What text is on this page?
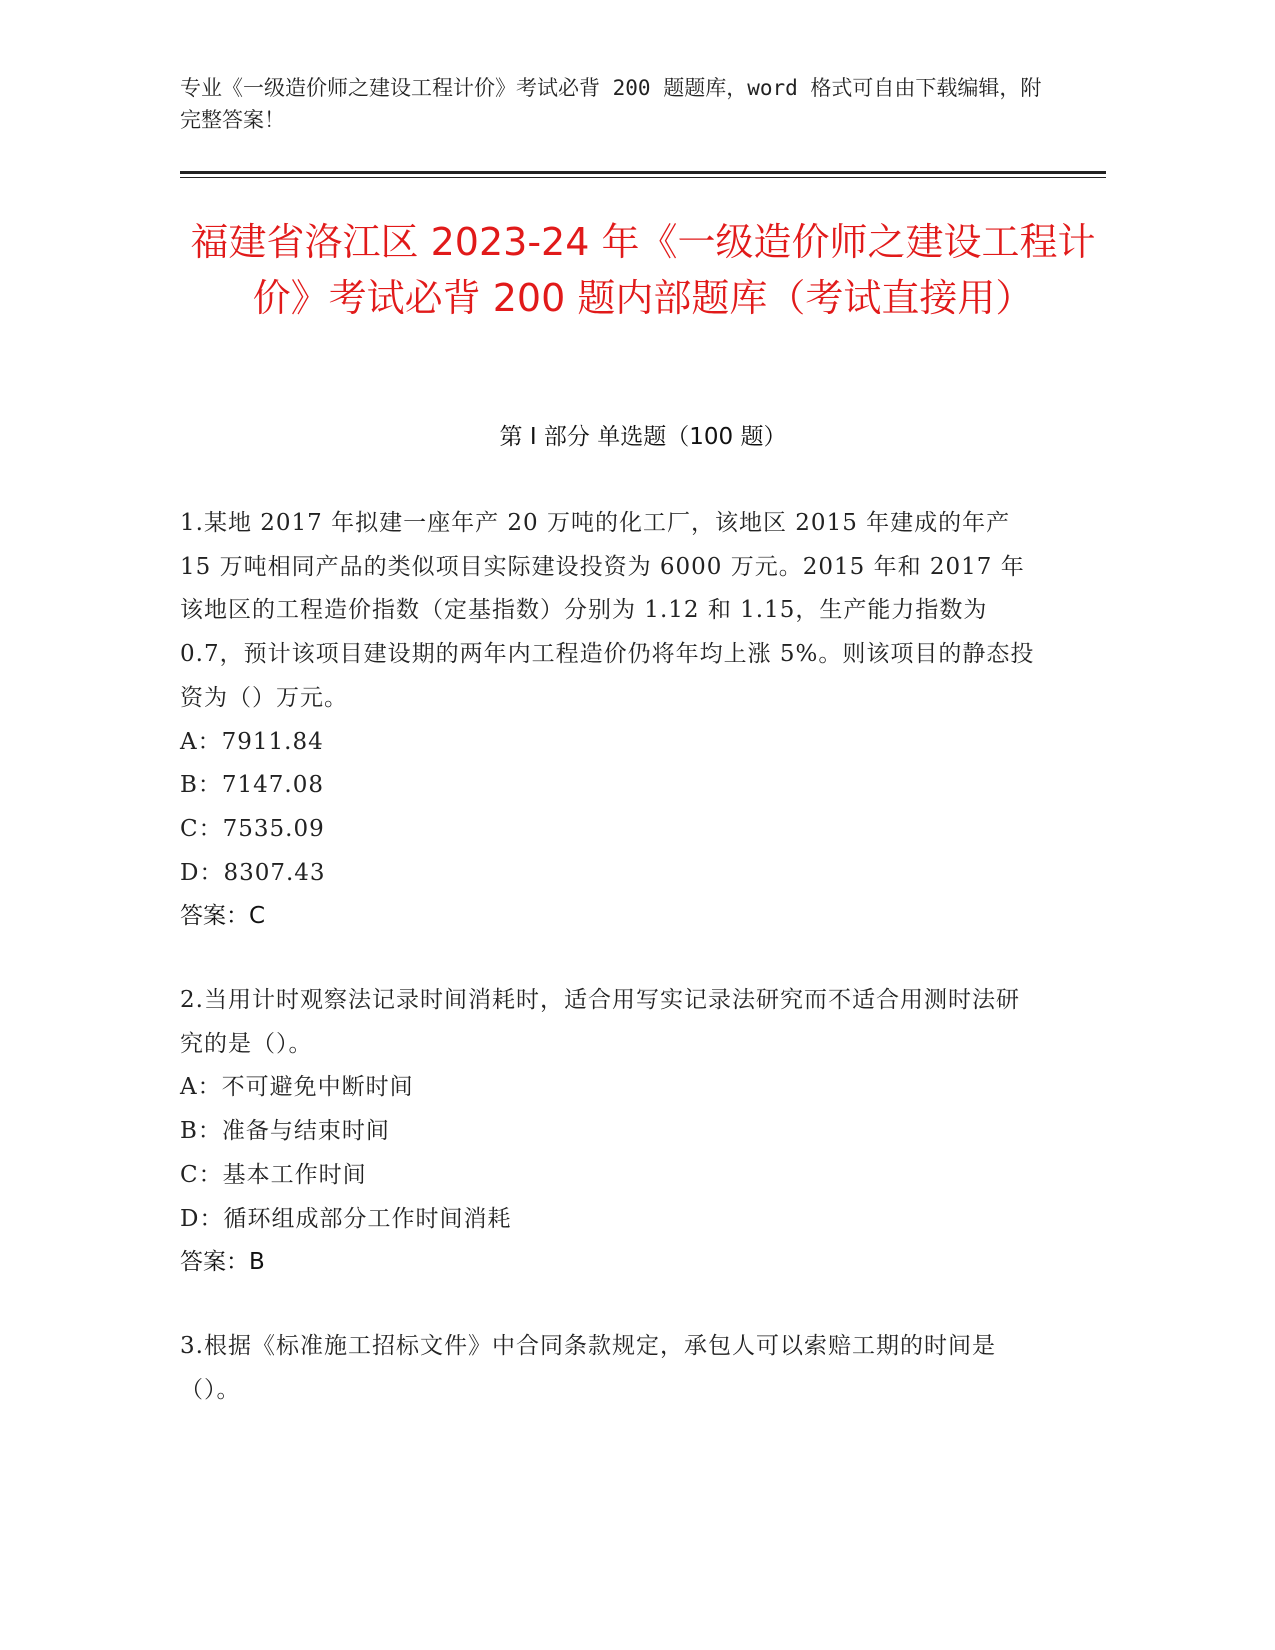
专业《一级造价师之建设工程计价》考试必背 200 题题库，word 格式可自由下载编辑，附完整答案！
福建省洛江区 2023-24 年《一级造价师之建设工程计价》考试必背 200 题内部题库（考试直接用）
第 I 部分 单选题（100 题）
1.某地 2017 年拟建一座年产 20 万吨的化工厂，该地区 2015 年建成的年产 15 万吨相同产品的类似项目实际建设投资为 6000 万元。2015 年和 2017 年该地区的工程造价指数（定基指数）分别为 1.12 和 1.15，生产能力指数为 0.7，预计该项目建设期的两年内工程造价仍将年均上涨 5%。则该项目的静态投资为（）万元。
A：7911.84
B：7147.08
C：7535.09
D：8307.43
答案：C
2.当用计时观察法记录时间消耗时，适合用写实记录法研究而不适合用测时法研究的是（）。
A：不可避免中断时间
B：准备与结束时间
C：基本工作时间
D：循环组成部分工作时间消耗
答案：B
3.根据《标准施工招标文件》中合同条款规定，承包人可以索赔工期的时间是（）。
